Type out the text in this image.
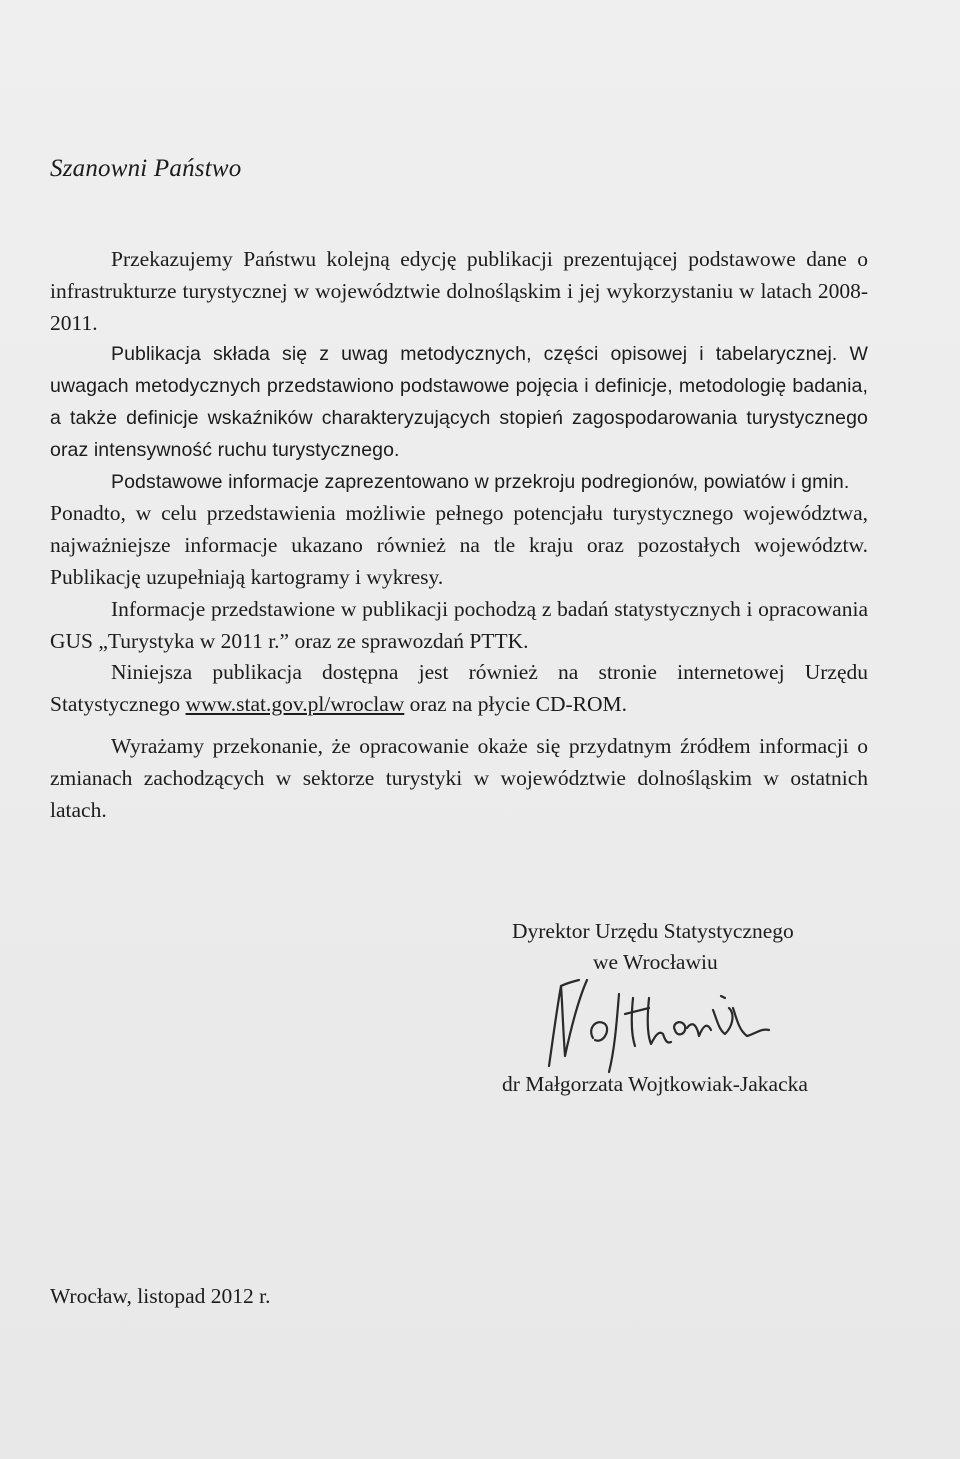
Szanowni Państwo

Przekazujemy Państwu kolejną edycję publikacji prezentującej podstawowe dane o infrastrukturze turystycznej w województwie dolnośląskim i jej wykorzystaniu w latach 2008-2011.

Publikacja składa się z uwag metodycznych, części opisowej i tabelarycznej. W uwagach metodycznych przedstawiono podstawowe pojęcia i definicje, metodologię badania, a także definicje wskaźników charakteryzujących stopień zagospodarowania turystycznego oraz intensywność ruchu turystycznego.

Podstawowe informacje zaprezentowano w przekroju podregionów, powiatów i gmin.

Ponadto, w celu przedstawienia możliwie pełnego potencjału turystycznego województwa, najważniejsze informacje ukazano również na tle kraju oraz pozostałych województw. Publikację uzupełniają kartogramy i wykresy.

Informacje przedstawione w publikacji pochodzą z badań statystycznych i opracowania GUS „Turystyka w 2011 r.” oraz ze sprawozdań PTTK.

Niniejsza publikacja dostępna jest również na stronie internetowej Urzędu Statystycznego www.stat.gov.pl/wroclaw oraz na płycie CD-ROM.

Wyrażamy przekonanie, że opracowanie okaże się przydatnym źródłem informacji o zmianach zachodzących w sektorze turystyki w województwie dolnośląskim w ostatnich latach.

Dyrektor Urzędu Statystycznego
we Wrocławiu
dr Małgorzata Wojtkowiak-Jakacka
Wrocław, listopad 2012 r.
